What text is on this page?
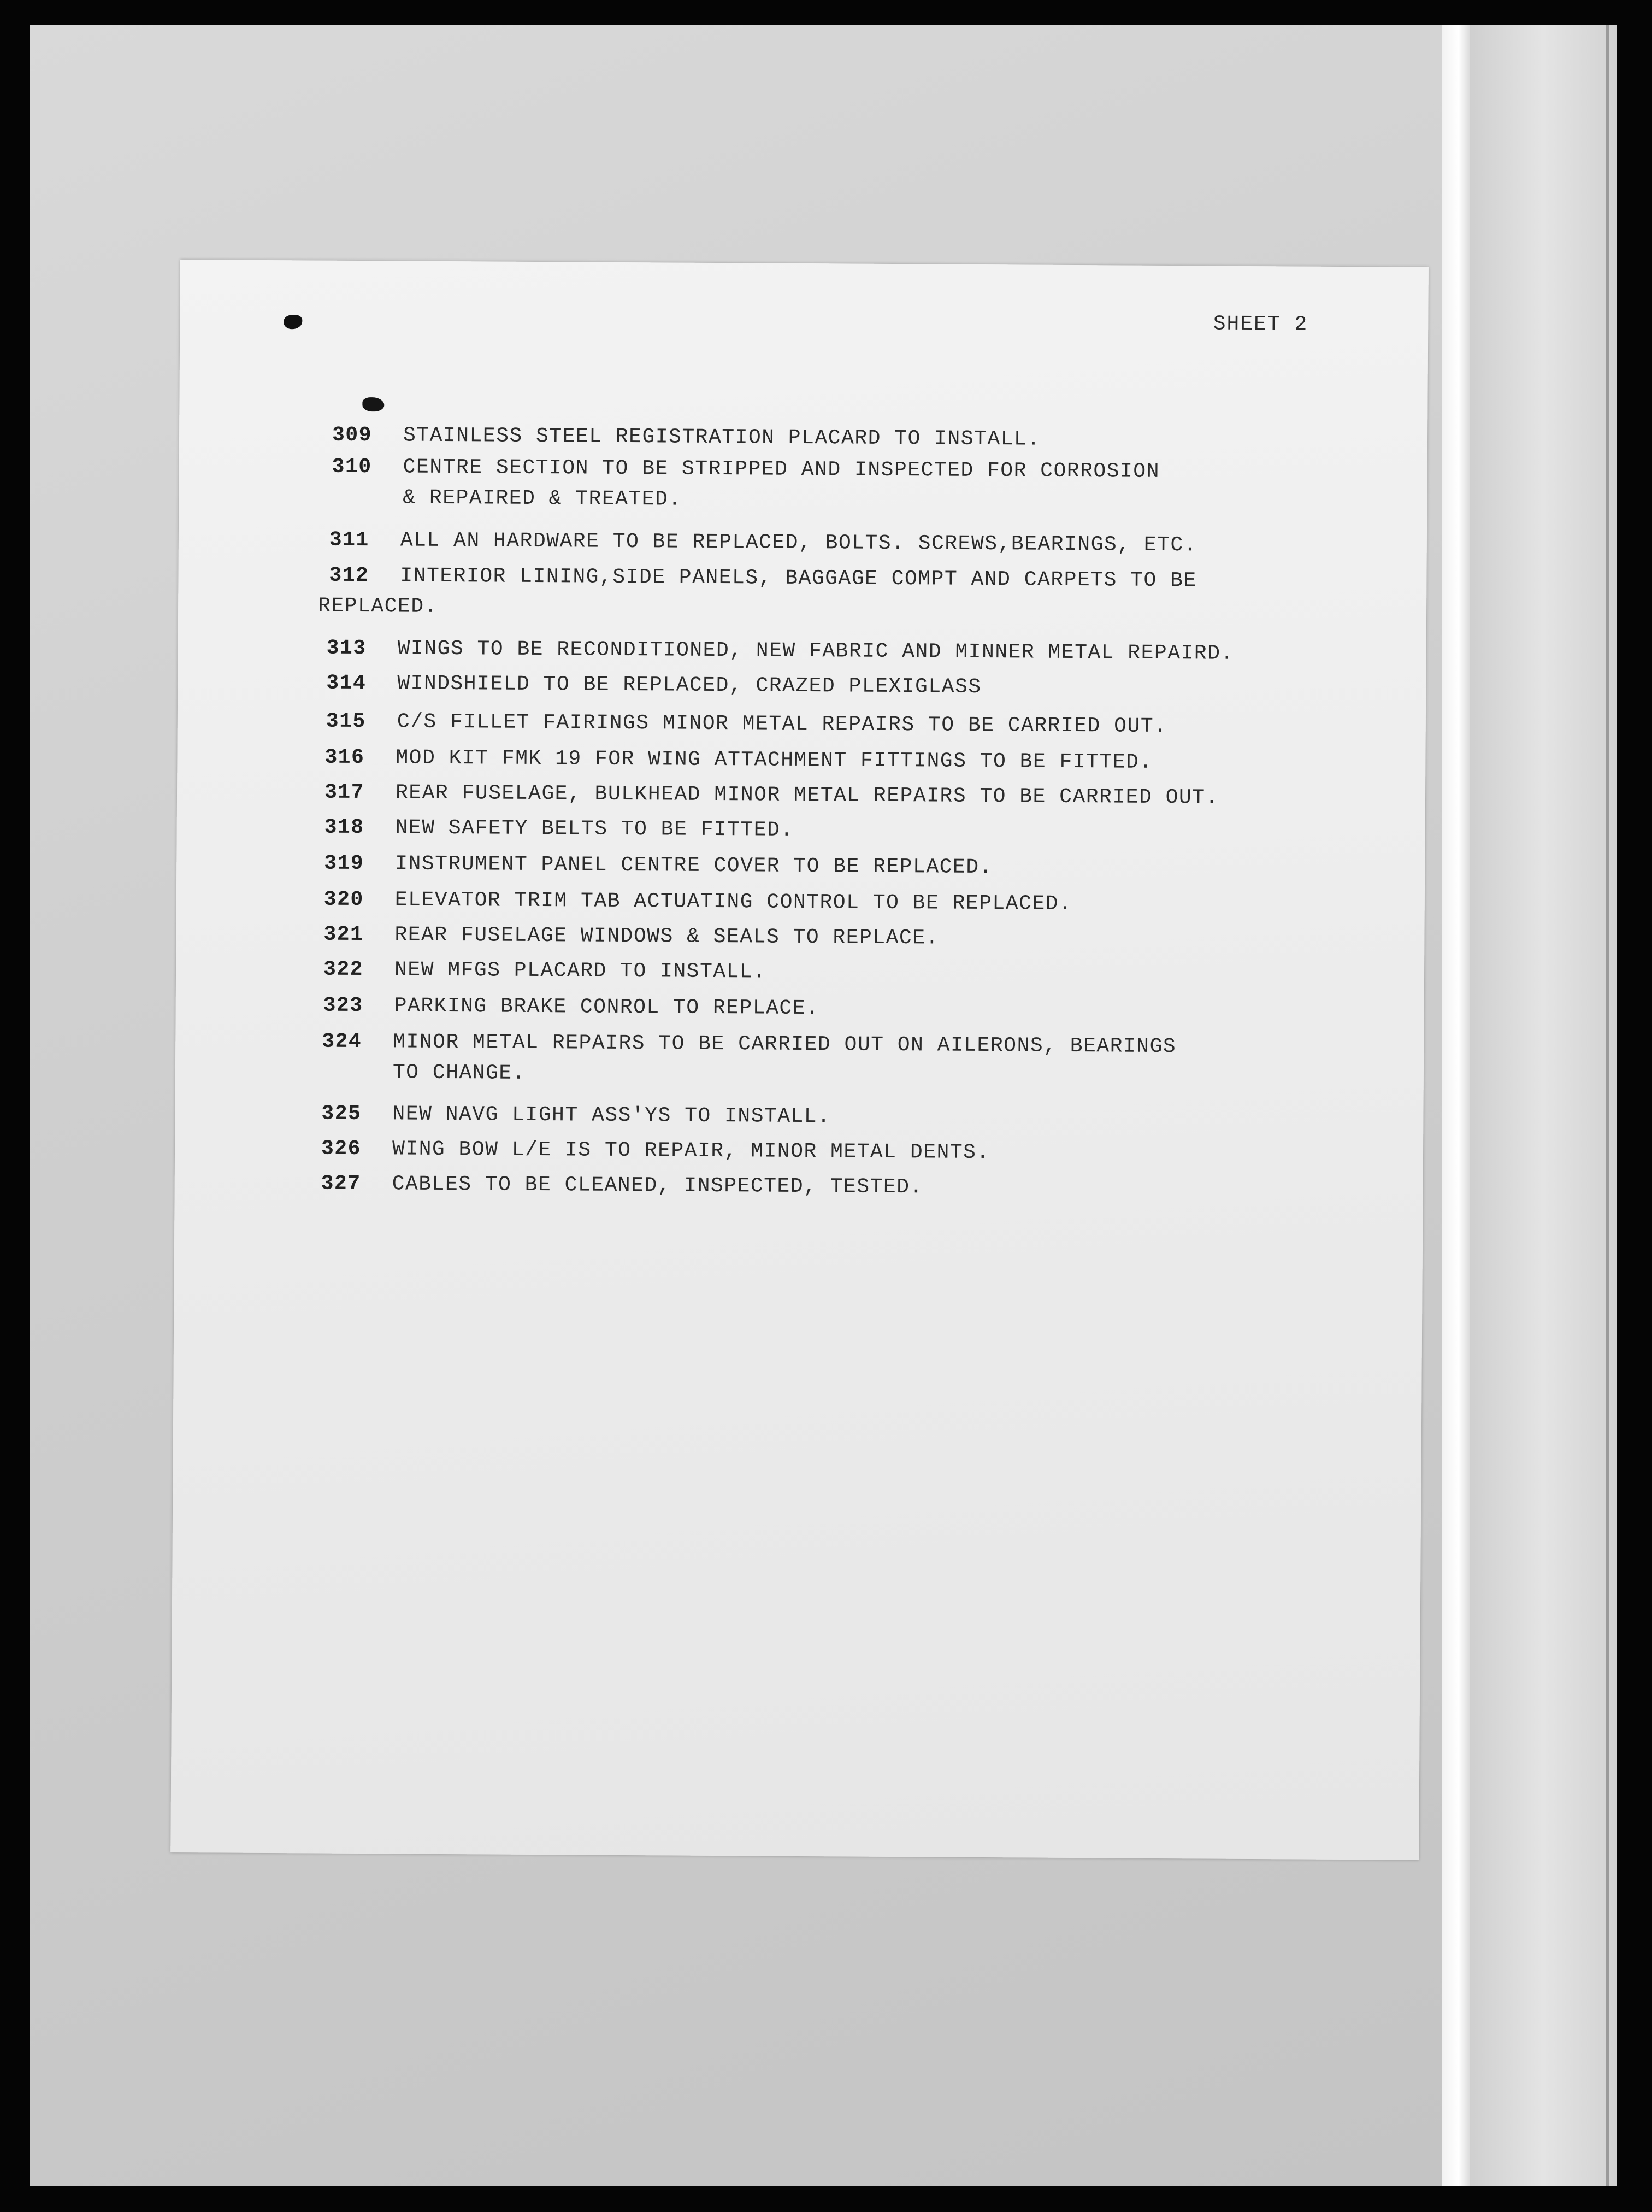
SHEET 2
309 STAINLESS STEEL REGISTRATION PLACARD TO INSTALL.
310 CENTRE SECTION TO BE STRIPPED AND INSPECTED FOR CORROSION
& REPAIRED & TREATED.
311 ALL AN HARDWARE TO BE REPLACED, BOLTS. SCREWS,BEARINGS, ETC.
312 INTERIOR LINING,SIDE PANELS, BAGGAGE COMPT AND CARPETS TO BE
REPLACED.
313 WINGS TO BE RECONDITIONED, NEW FABRIC AND MINNER METAL REPAIRD.
314 WINDSHIELD TO BE REPLACED, CRAZED PLEXIGLASS
315 C/S FILLET FAIRINGS MINOR METAL REPAIRS TO BE CARRIED OUT.
316 MOD KIT FMK 19 FOR WING ATTACHMENT FITTINGS TO BE FITTED.
317 REAR FUSELAGE, BULKHEAD MINOR METAL REPAIRS TO BE CARRIED OUT.
318 NEW SAFETY BELTS TO BE FITTED.
319 INSTRUMENT PANEL CENTRE COVER TO BE REPLACED.
320 ELEVATOR TRIM TAB ACTUATING CONTROL TO BE REPLACED.
321 REAR FUSELAGE WINDOWS & SEALS TO REPLACE.
322 NEW MFGS PLACARD TO INSTALL.
323 PARKING BRAKE CONROL TO REPLACE.
324 MINOR METAL REPAIRS TO BE CARRIED OUT ON AILERONS, BEARINGS
TO CHANGE.
325 NEW NAVG LIGHT ASS'YS TO INSTALL.
326 WING BOW L/E IS TO REPAIR, MINOR METAL DENTS.
327 CABLES TO BE CLEANED, INSPECTED, TESTED.
